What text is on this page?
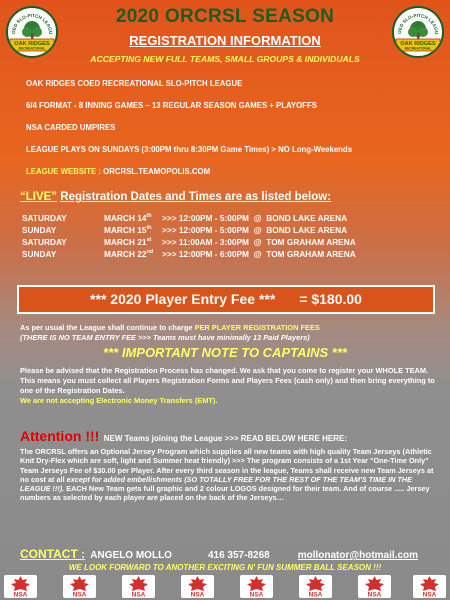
OED SLO-PITCH LEAGU
OAK RIDGES
RECREATIONAL
OED SLO-PITCH LEAGU
OAK RIDGES
RECREATIONAL
2020 ORCRSL SEASON
REGISTRATION INFORMATION
ACCEPTING NEW FULL TEAMS, SMALL GROUPS & INDIVIDUALS
OAK RIDGES COED RECREATIONAL SLO-PITCH LEAGUE
6/4 FORMAT - 8 INNING GAMES – 13 REGULAR SEASON GAMES + PLAYOFFS
NSA CARDED UMPIRES
LEAGUE PLAYS ON SUNDAYS (3:00PM thru 8:30PM Game Times) > NO Long-Weekends
LEAGUE WEBSITE : ORCRSL.TEAMOPOLIS.COM
“LIVE” Registration Dates and Times are as listed below:
SATURDAY	MARCH 14th	>>> 12:00PM - 5:00PM @ BOND LAKE ARENA
SUNDAY	MARCH 15th	>>> 12:00PM - 5:00PM @ BOND LAKE ARENA
SATURDAY	MARCH 21st	>>> 11:00AM - 3:00PM @ TOM GRAHAM ARENA
SUNDAY	MARCH 22nd	>>> 12:00PM - 6:00PM @ TOM GRAHAM ARENA
*** 2020 Player Entry Fee *** = $180.00
As per usual the League shall continue to charge PER PLAYER REGISTRATION FEES
(THERE IS NO TEAM ENTRY FEE >>> Teams must have minimally 13 Paid Players)
*** IMPORTANT NOTE TO CAPTAINS ***
Please be advised that the Registration Process has changed. We ask that you come to register your WHOLE TEAM. This means you must collect all Players Registration Forms and Players Fees (cash only) and then bring everything to one of the Registration Dates.
We are not accepting Electronic Money Transfers (EMT).
Attention !!! NEW Teams joining the League >>> READ BELOW HERE HERE:
The ORCRSL offers an Optional Jersey Program which supplies all new teams with high quality Team Jerseys (Athletic Knit Dry-Flex which are soft, light and Summer heat friendly) >>> The program consists of a 1st Year "One-Time Only" Team Jerseys Fee of $30.00 per Player. After every third season in the league, Teams shall receive new Team Jerseys at no cost at all except for added embellishments (SO TOTALLY FREE FOR THE REST OF THE TEAM'S TIME IN THE LEAGUE !!!). EACH New Team gets full graphic and 2 colour LOGOS designed for their team. And of course ..... Jersey numbers as selected by each player are placed on the back of the Jerseys…
CONTACT : ANGELO MOLLO	416 357-8268	mollonator@hotmail.com
WE LOOK FORWARD TO ANOTHER EXCITING N' FUN SUMMER BALL SEASON !!!
NSA	NSA	NSA	NSA	NSA	NSA	NSA	NSA
